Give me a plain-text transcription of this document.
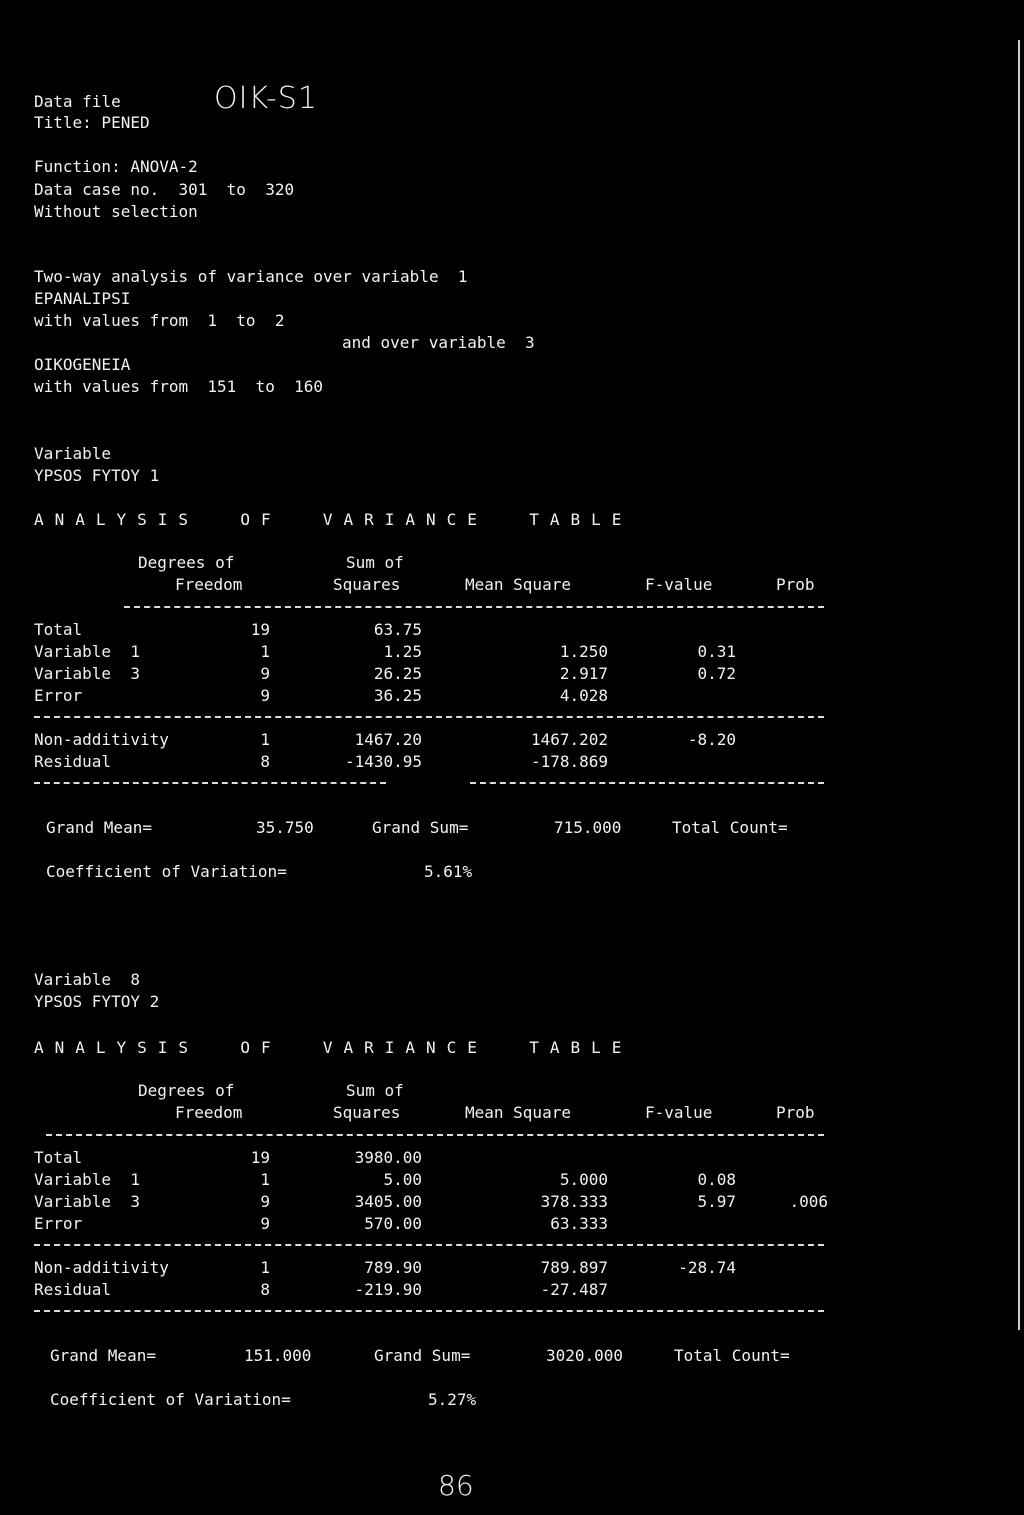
Data file	OIK-S1
Title: PENED
Function: ANOVA-2
Data case no.  301  to  320
Without selection
Two-way analysis of variance over variable  1
EPANALIPSI
with values from  1  to  2
and over variable  3
OIKOGENEIA
with values from  151  to  160
Variable
YPSOS FYTOY 1
ANALYSIS  OF  VARIANCE  TABLE
Degrees of
Freedom
Sum of
Squares	Mean Square	F-value	Prob
Total	19	63.75
Variable  1	1	1.25	1.250	0.31
Variable  3	9	26.25	2.917	0.72
Error	9	36.25	4.028
Non-additivity	1	1467.20	1467.202	-8.20
Residual	8	-1430.95	-178.869
Grand Mean=	35.750	Grand Sum=	715.000	Total Count=
Coefficient of Variation=	5.61%
Variable  8
YPSOS FYTOY 2
ANALYSIS  OF  VARIANCE  TABLE
Degrees of
Freedom
Sum of
Squares	Mean Square	F-value	Prob
Total	19	3980.00
Variable  1	1	5.00	5.000	0.08
Variable  3	9	3405.00	378.333	5.97	.006
Error	9	570.00	63.333
Non-additivity	1	789.90	789.897	-28.74
Residual	8	-219.90	-27.487
Grand Mean=	151.000	Grand Sum=	3020.000	Total Count=
Coefficient of Variation=	5.27%
86
